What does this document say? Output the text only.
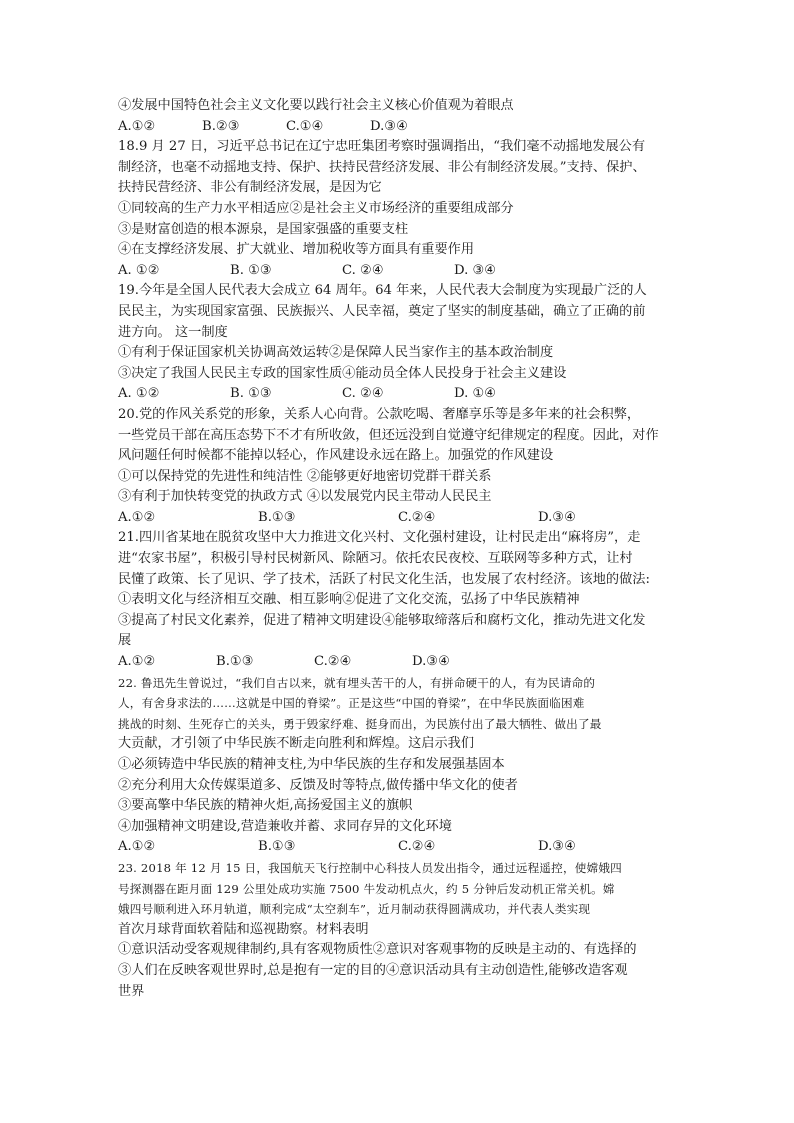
④发展中国特色社会主义文化要以践行社会主义核心价值观为着眼点
A.①②	B.②③	C.①④	D.③④
18.9 月 27 日，习近平总书记在辽宁忠旺集团考察时强调指出，“我们毫不动摇地发展公有
制经济，也毫不动摇地支持、保护、扶持民营经济发展、非公有制经济发展。”支持、保护、
扶持民营经济、非公有制经济发展，是因为它
①同较高的生产力水平相适应②是社会主义市场经济的重要组成部分
③是财富创造的根本源泉，是国家强盛的重要支柱
④在支撑经济发展、扩大就业、增加税收等方面具有重要作用
A. ①②	B. ①③	C. ②④	D. ③④
19.今年是全国人民代表大会成立 64 周年。64 年来，人民代表大会制度为实现最广泛的人
民民主，为实现国家富强、民族振兴、人民幸福，奠定了坚实的制度基础，确立了正确的前
进方向。 这一制度
①有利于保证国家机关协调高效运转②是保障人民当家作主的基本政治制度
③决定了我国人民民主专政的国家性质④能动员全体人民投身于社会主义建设
A. ①②	B. ①③	C. ②④	D. ①④
20.党的作风关系党的形象，关系人心向背。公款吃喝、奢靡享乐等是多年来的社会积弊，
一些党员干部在高压态势下不才有所收敛，但还远没到自觉遵守纪律规定的程度。因此，对作
风问题任何时候都不能掉以轻心，作风建设永远在路上。加强党的作风建设
①可以保持党的先进性和纯洁性 ②能够更好地密切党群干群关系
③有利于加快转变党的执政方式 ④以发展党内民主带动人民民主
A.①②	B.①③	C.②④	D.③④
21.四川省某地在脱贫攻坚中大力推进文化兴村、文化强村建设，让村民走出“麻将房”，走
进“农家书屋”，积极引导村民树新风、除陋习。依托农民夜校、互联网等多种方式，让村
民懂了政策、长了见识、学了技术，活跃了村民文化生活，也发展了农村经济。该地的做法:
①表明文化与经济相互交融、相互影响②促进了文化交流，弘扬了中华民族精神
③提高了村民文化素养，促进了精神文明建设④能够取缔落后和腐朽文化，推动先进文化发
展
A.①②	B.①③	C.②④	D.③④
22. 鲁迅先生曾说过，“我们自古以来，就有埋头苦干的人，有拼命硬干的人，有为民请命的
人，有舍身求法的……这就是中国的脊梁”。正是这些“中国的脊梁”，在中华民族面临困难
挑战的时刻、生死存亡的关头，勇于毁家纾难、挺身而出，为民族付出了最大牺牲、做出了最
大贡献，才引领了中华民族不断走向胜利和辉煌。这启示我们
①必须铸造中华民族的精神支柱,为中华民族的生存和发展强基固本
②充分利用大众传媒渠道多、反馈及时等特点,做传播中华文化的使者
③要高擎中华民族的精神火炬,高扬爱国主义的旗帜
④加强精神文明建设,营造兼收并蓄、求同存异的文化环境
A.①②	B.①③	C.②④	D.③④
23. 2018 年 12 月 15 日，我国航天飞行控制中心科技人员发出指令，通过远程遥控，使嫦娥四
号探测器在距月面 129 公里处成功实施 7500 牛发动机点火，约 5 分钟后发动机正常关机。嫦
娥四号顺利进入环月轨道，顺利完成“太空刹车”，近月制动获得圆满成功，并代表人类实现
首次月球背面软着陆和巡视勘察。材料表明
①意识活动受客观规律制约,具有客观物质性②意识对客观事物的反映是主动的、有选择的
③人们在反映客观世界时,总是抱有一定的目的④意识活动具有主动创造性,能够改造客观
世界
